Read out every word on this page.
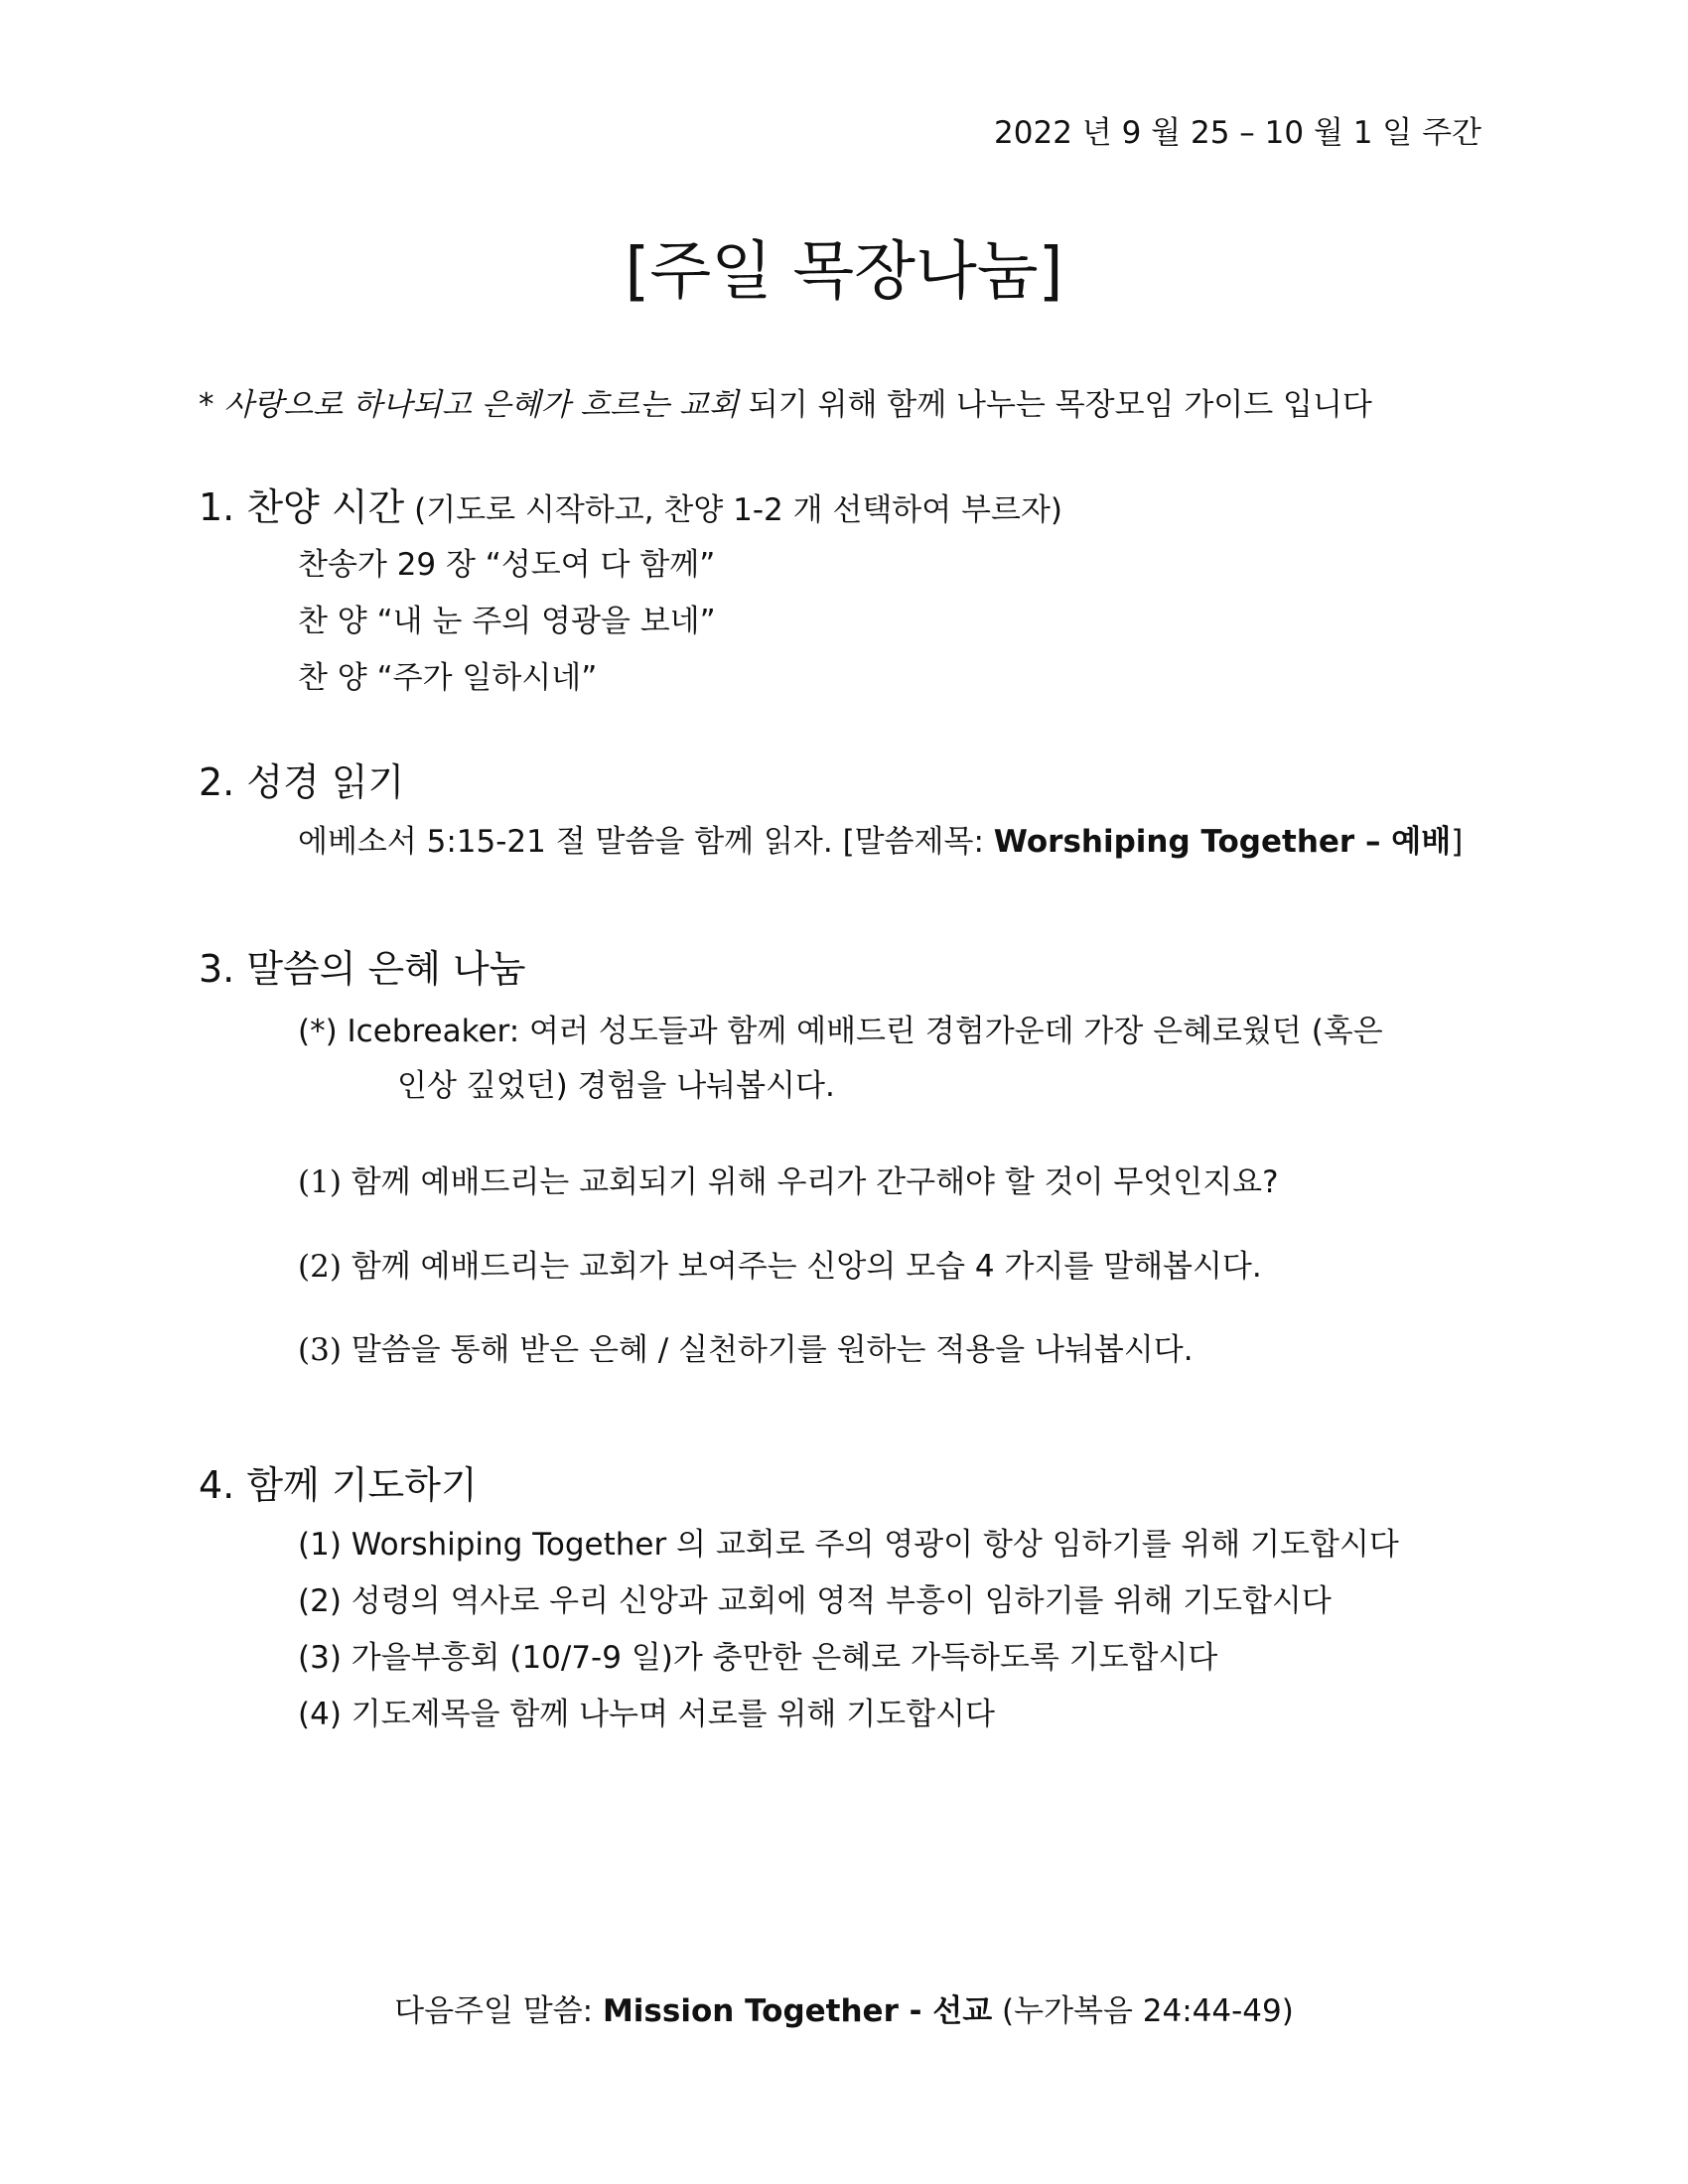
2022 년 9 월 25 – 10 월 1 일 주간
[주일 목장나눔]
* 사랑으로 하나되고 은혜가 흐르는 교회 되기 위해 함께 나누는 목장모임 가이드 입니다
1. 찬양 시간 (기도로 시작하고, 찬양 1-2 개 선택하여 부르자)
찬송가 29 장 “성도여 다 함께”
찬 양 “내 눈 주의 영광을 보네”
찬 양 “주가 일하시네”
2. 성경 읽기
에베소서 5:15-21 절 말씀을 함께 읽자. [말씀제목: Worshiping Together – 예배]
3. 말씀의 은혜 나눔
(*) Icebreaker: 여러 성도들과 함께 예배드린 경험가운데 가장 은혜로웠던 (혹은
인상 깊었던) 경험을 나눠봅시다.
(1) 함께 예배드리는 교회되기 위해 우리가 간구해야 할 것이 무엇인지요?
(2) 함께 예배드리는 교회가 보여주는 신앙의 모습 4 가지를 말해봅시다.
(3) 말씀을 통해 받은 은혜 / 실천하기를 원하는 적용을 나눠봅시다.
4. 함께 기도하기
(1) Worshiping Together 의 교회로 주의 영광이 항상 임하기를 위해 기도합시다
(2) 성령의 역사로 우리 신앙과 교회에 영적 부흥이 임하기를 위해 기도합시다
(3) 가을부흥회 (10/7-9 일)가 충만한 은혜로 가득하도록 기도합시다
(4) 기도제목을 함께 나누며 서로를 위해 기도합시다
다음주일 말씀: Mission Together - 선교 (누가복음 24:44-49)
